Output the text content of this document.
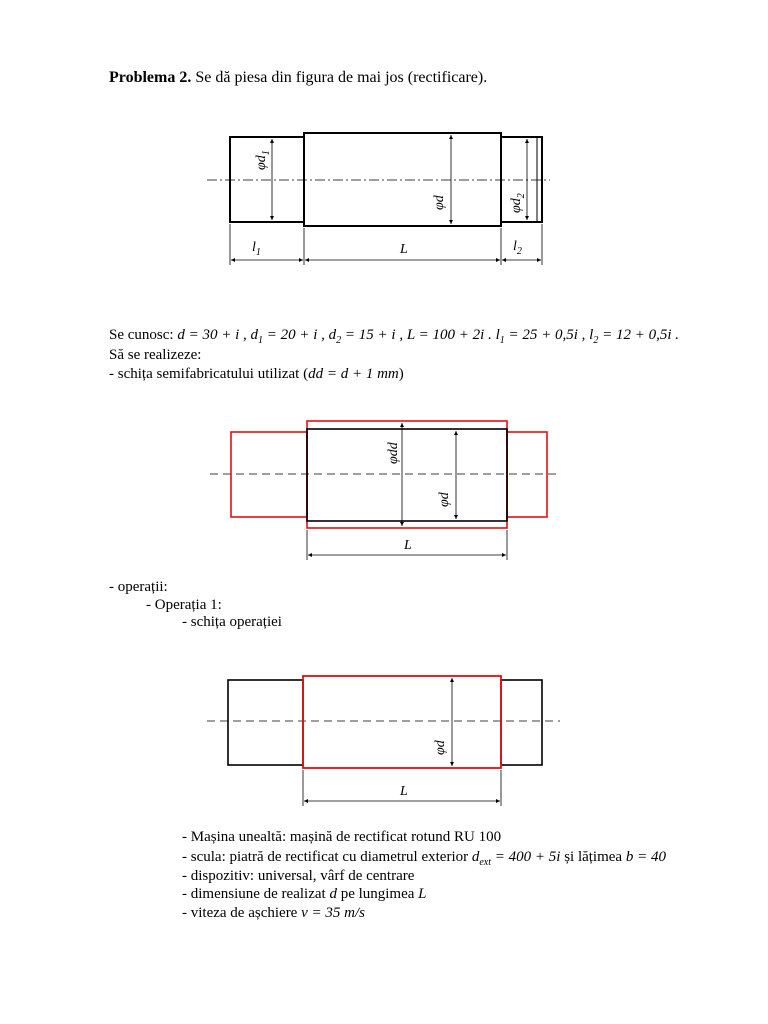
Problema 2. Se dă piesa din figura de mai jos (rectificare).
$\varphi d_1$
φd	$\varphi d_2$
$l_1$	L	$l_2$
Se cunosc: d = 30 + i , $d_1 = 20 + i$ , $d_2 = 15 + i$ , L = 100 + 2i . $l_1 = 25 + 0,5i$ , $l_2 = 12 + 0,5i$ .
Să se realizeze:
- schița semifabricatului utilizat (dd = d + 1 mm)
φdd
φd
L
- operații:
- Operația 1:
- schița operației
φd
L
- Mașina unealtă: mașină de rectificat rotund RU 100
- scula: piatră de rectificat cu diametrul exterior $d_{ext} = 400 + 5i$ și lățimea b = 40
- dispozitiv: universal, vârf de centrare
- dimensiune de realizat d pe lungimea L
- viteza de așchiere v = 35 m/s
